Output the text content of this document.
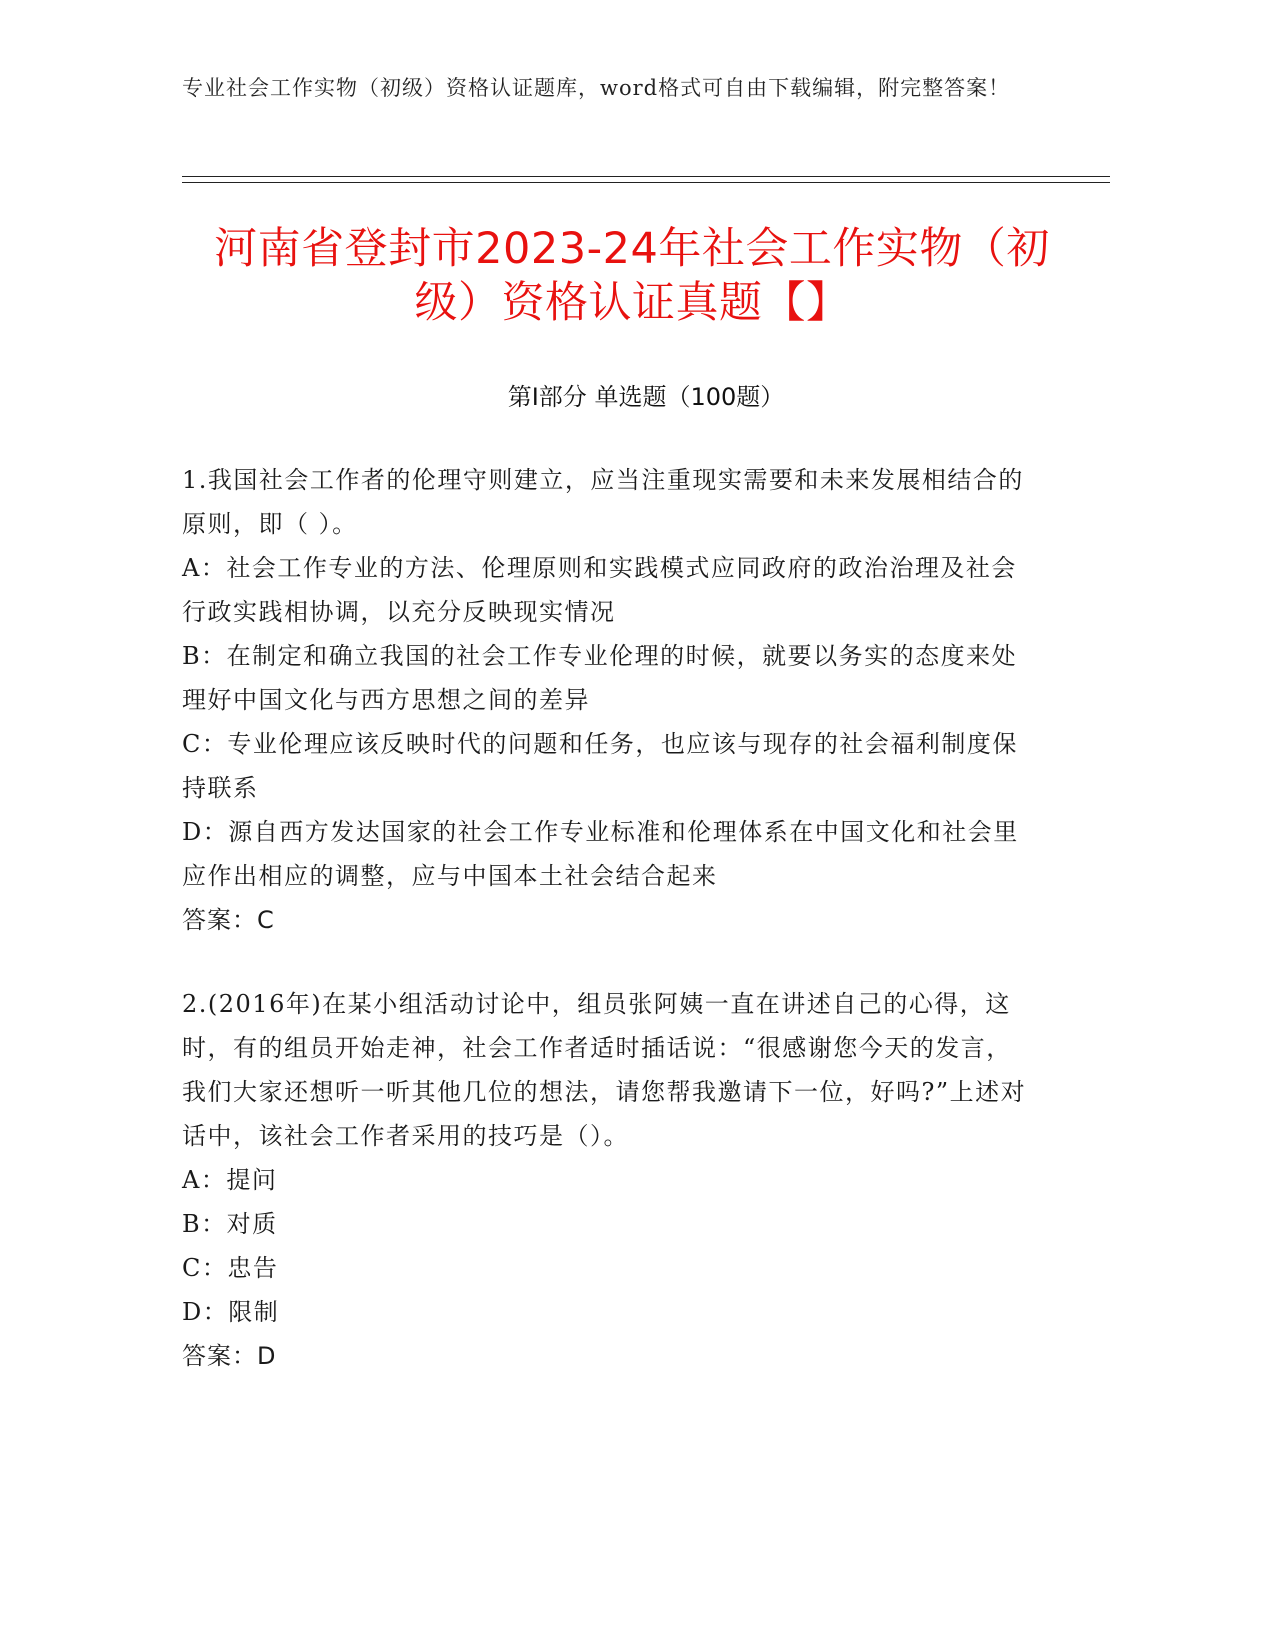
专业社会工作实物（初级）资格认证题库，word格式可自由下载编辑，附完整答案！
河南省登封市2023-24年社会工作实物（初级）资格认证真题【】
第Ⅰ部分 单选题（100题）
1.我国社会工作者的伦理守则建立，应当注重现实需要和未来发展相结合的原则，即（ ）。
A：社会工作专业的方法、伦理原则和实践模式应同政府的政治治理及社会行政实践相协调，以充分反映现实情况
B：在制定和确立我国的社会工作专业伦理的时候，就要以务实的态度来处理好中国文化与西方思想之间的差异
C：专业伦理应该反映时代的问题和任务，也应该与现存的社会福利制度保持联系
D：源自西方发达国家的社会工作专业标准和伦理体系在中国文化和社会里应作出相应的调整，应与中国本土社会结合起来
答案：C
2.(2016年)在某小组活动讨论中，组员张阿姨一直在讲述自己的心得，这时，有的组员开始走神，社会工作者适时插话说：“很感谢您今天的发言，我们大家还想听一听其他几位的想法，请您帮我邀请下一位，好吗?”上述对话中，该社会工作者采用的技巧是（）。
A：提问
B：对质
C：忠告
D：限制
答案：D
